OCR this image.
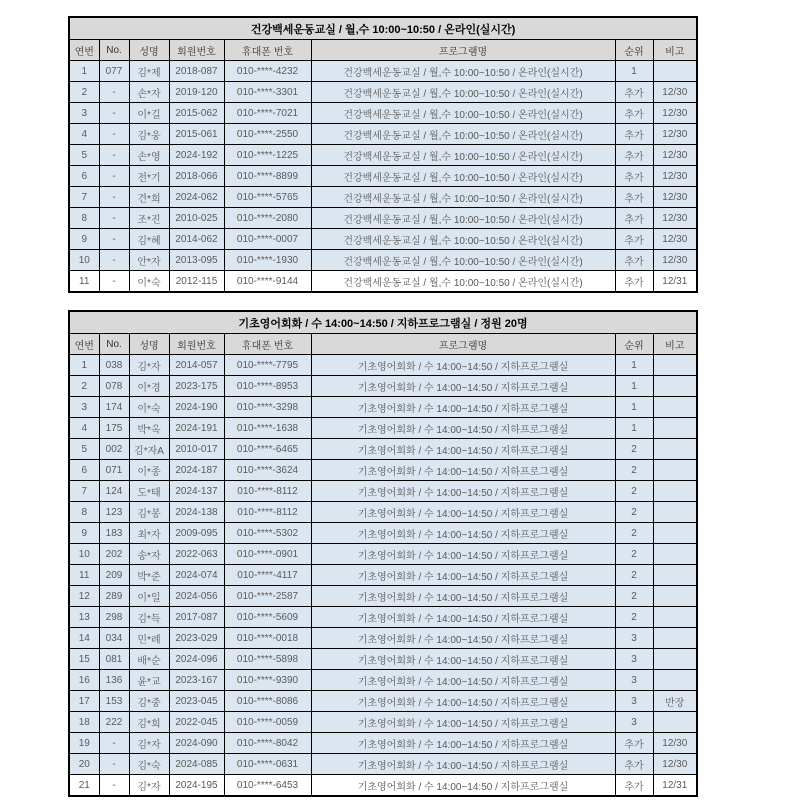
건강백세운동교실 / 월,수 10:00~10:50 / 온라인(실시간)							
연번	No.	성명	회원번호	휴대폰 번호	프로그램명	순위	비고
1	077	김*제	2018-087	010-****-4232	건강백세운동교실 / 월,수 10:00~10:50 / 온라인(실시간)	1	
2	-	손*자	2019-120	010-****-3301	건강백세운동교실 / 월,수 10:00~10:50 / 온라인(실시간)	추가	12/30
3	-	이*길	2015-062	010-****-7021	건강백세운동교실 / 월,수 10:00~10:50 / 온라인(실시간)	추가	12/30
4	-	김*웅	2015-061	010-****-2550	건강백세운동교실 / 월,수 10:00~10:50 / 온라인(실시간)	추가	12/30
5	-	손*영	2024-192	010-****-1225	건강백세운동교실 / 월,수 10:00~10:50 / 온라인(실시간)	추가	12/30
6	-	전*기	2018-066	010-****-8899	건강백세운동교실 / 월,수 10:00~10:50 / 온라인(실시간)	추가	12/30
7	-	견*희	2024-062	010-****-5765	건강백세운동교실 / 월,수 10:00~10:50 / 온라인(실시간)	추가	12/30
8	-	조*진	2010-025	010-****-2080	건강백세운동교실 / 월,수 10:00~10:50 / 온라인(실시간)	추가	12/30
9	-	김*혜	2014-062	010-****-0007	건강백세운동교실 / 월,수 10:00~10:50 / 온라인(실시간)	추가	12/30
10	-	안*자	2013-095	010-****-1930	건강백세운동교실 / 월,수 10:00~10:50 / 온라인(실시간)	추가	12/30
11	-	이*숙	2012-115	010-****-9144	건강백세운동교실 / 월,수 10:00~10:50 / 온라인(실시간)	추가	12/31
기초영어회화 / 수 14:00~14:50 / 지하프로그램실 / 정원 20명							
연번	No.	성명	회원번호	휴대폰 번호	프로그램명	순위	비고
1	038	김*자	2014-057	010-****-7795	기초영어회화 / 수 14:00~14:50 / 지하프로그램실	1	
2	078	이*경	2023-175	010-****-8953	기초영어회화 / 수 14:00~14:50 / 지하프로그램실	1	
3	174	이*숙	2024-190	010-****-3298	기초영어회화 / 수 14:00~14:50 / 지하프로그램실	1	
4	175	박*옥	2024-191	010-****-1638	기초영어회화 / 수 14:00~14:50 / 지하프로그램실	1	
5	002	김*자A	2010-017	010-****-6465	기초영어회화 / 수 14:00~14:50 / 지하프로그램실	2	
6	071	이*종	2024-187	010-****-3624	기초영어회화 / 수 14:00~14:50 / 지하프로그램실	2	
7	124	도*태	2024-137	010-****-8112	기초영어회화 / 수 14:00~14:50 / 지하프로그램실	2	
8	123	김*봉	2024-138	010-****-8112	기초영어회화 / 수 14:00~14:50 / 지하프로그램실	2	
9	183	최*자	2009-095	010-****-5302	기초영어회화 / 수 14:00~14:50 / 지하프로그램실	2	
10	202	송*자	2022-063	010-****-0901	기초영어회화 / 수 14:00~14:50 / 지하프로그램실	2	
11	209	박*준	2024-074	010-****-4117	기초영어회화 / 수 14:00~14:50 / 지하프로그램실	2	
12	289	이*일	2024-056	010-****-2587	기초영어회화 / 수 14:00~14:50 / 지하프로그램실	2	
13	298	김*득	2017-087	010-****-5609	기초영어회화 / 수 14:00~14:50 / 지하프로그램실	2	
14	034	민*례	2023-029	010-****-0018	기초영어회화 / 수 14:00~14:50 / 지하프로그램실	3	
15	081	배*순	2024-096	010-****-5898	기초영어회화 / 수 14:00~14:50 / 지하프로그램실	3	
16	136	윤*교	2023-167	010-****-9390	기초영어회화 / 수 14:00~14:50 / 지하프로그램실	3	
17	153	김*중	2023-045	010-****-8086	기초영어회화 / 수 14:00~14:50 / 지하프로그램실	3	반장
18	222	김*희	2022-045	010-****-0059	기초영어회화 / 수 14:00~14:50 / 지하프로그램실	3	
19	-	김*자	2024-090	010-****-8042	기초영어회화 / 수 14:00~14:50 / 지하프로그램실	추가	12/30
20	-	김*숙	2024-085	010-****-0631	기초영어회화 / 수 14:00~14:50 / 지하프로그램실	추가	12/30
21	-	김*자	2024-195	010-****-6453	기초영어회화 / 수 14:00~14:50 / 지하프로그램실	추가	12/31
